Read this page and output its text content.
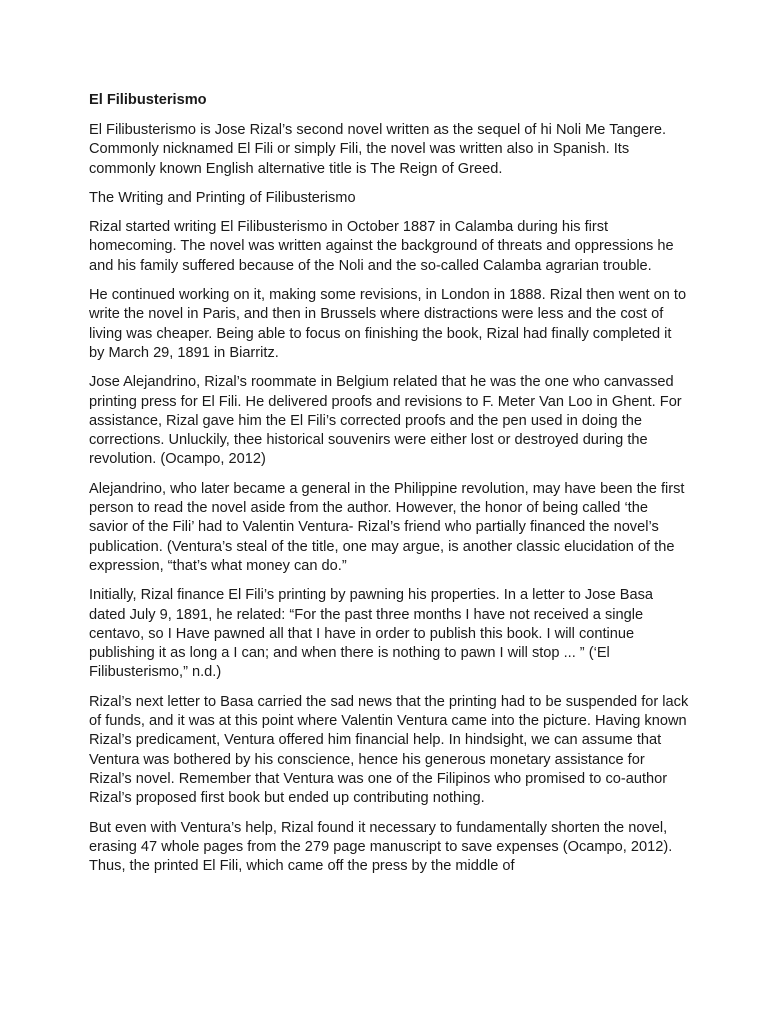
El Filibusterismo

El Filibusterismo is Jose Rizal’s second novel written as the sequel of hi Noli Me Tangere. Commonly nicknamed El Fili or simply Fili, the novel was written also in Spanish. Its commonly known English alternative title is The Reign of Greed.

The Writing and Printing of Filibusterismo

Rizal started writing El Filibusterismo in October 1887 in Calamba during his first homecoming. The novel was written against the background of threats and oppressions he and his family suffered because of the Noli and the so-called Calamba agrarian trouble.

He continued working on it, making some revisions, in London in 1888. Rizal then went on to write the novel in Paris, and then in Brussels where distractions were less and the cost of living was cheaper. Being able to focus on finishing the book, Rizal had finally completed it by March 29, 1891 in Biarritz.

Jose Alejandrino, Rizal’s roommate in Belgium related that he was the one who canvassed printing press for El Fili. He delivered proofs and revisions to F. Meter Van Loo in Ghent. For assistance, Rizal gave him the El Fili’s corrected proofs and the pen used in doing the corrections. Unluckily, thee historical souvenirs were either lost or destroyed during the revolution. (Ocampo, 2012)

Alejandrino, who later became a general in the Philippine revolution, may have been the first person to read the novel aside from the author. However, the honor of being called ‘the savior of the Fili’ had to Valentin Ventura- Rizal’s friend who partially financed the novel’s publication. (Ventura’s steal of the title, one may argue, is another classic elucidation of the expression, “that’s what money can do.”

Initially, Rizal finance El Fili’s printing by pawning his properties. In a letter to Jose Basa dated July 9, 1891, he related: “For the past three months I have not received a single centavo, so I Have pawned all that I have in order to publish this book. I will continue publishing it as long a I can; and when there is nothing to pawn I will stop ... ” (‘El Filibusterismo,” n.d.)

Rizal’s next letter to Basa carried the sad news that the printing had to be suspended for lack of funds, and it was at this point where Valentin Ventura came into the picture. Having known Rizal’s predicament, Ventura offered him financial help. In hindsight, we can assume that Ventura was bothered by his conscience, hence his generous monetary assistance for Rizal’s novel. Remember that Ventura was one of the Filipinos who promised to co-author Rizal’s proposed first book but ended up contributing nothing.

But even with Ventura’s help, Rizal found it necessary to fundamentally shorten the novel, erasing 47 whole pages from the 279 page manuscript to save expenses (Ocampo, 2012). Thus, the printed El Fili, which came off the press by the middle of
